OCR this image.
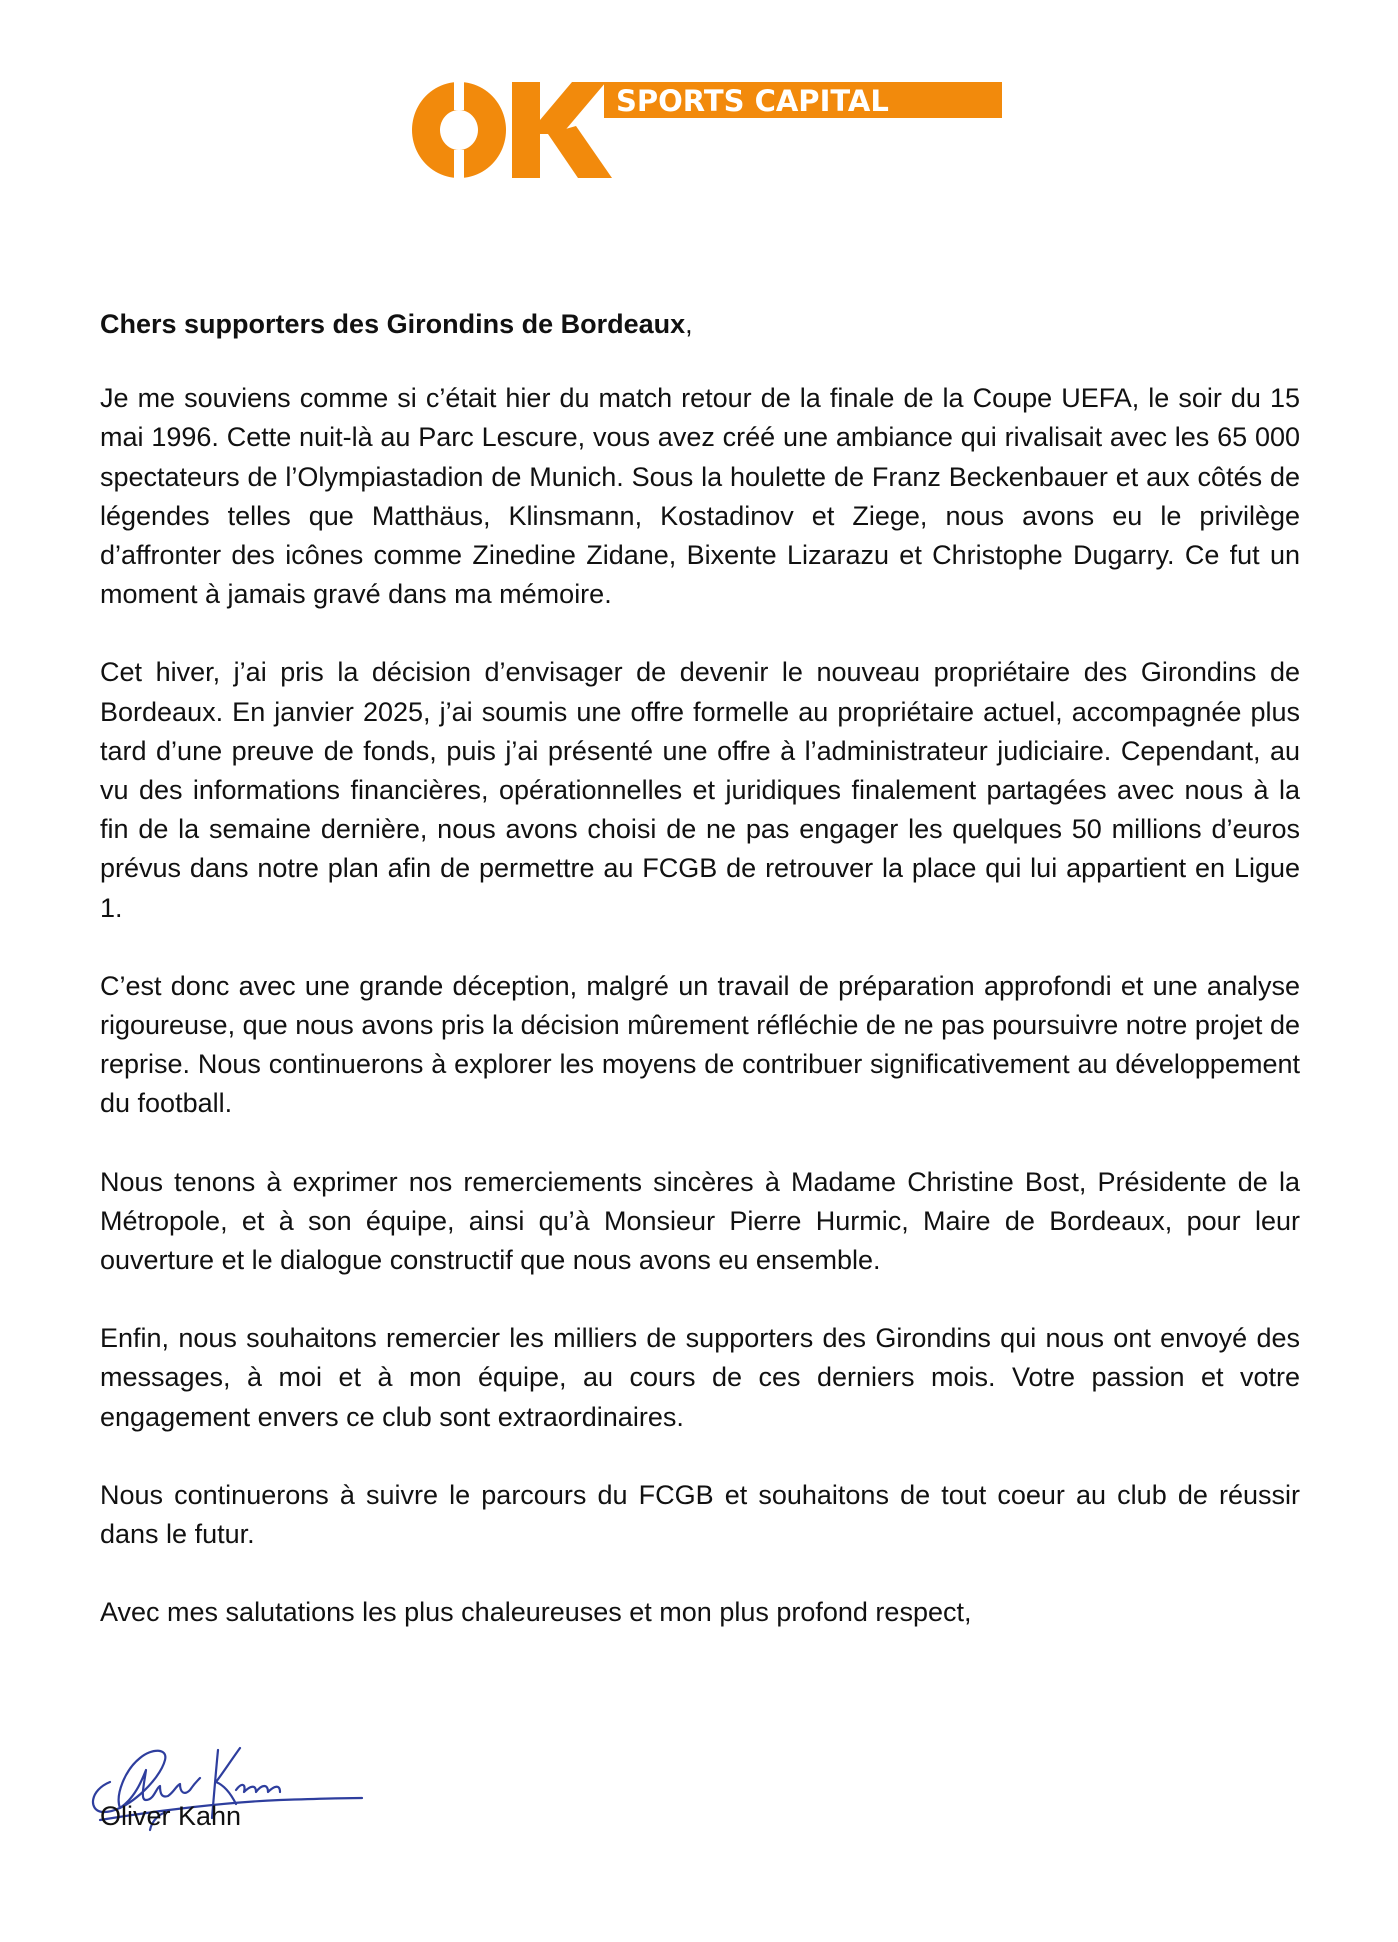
SPORTS CAPITAL

Chers supporters des Girondins de Bordeaux,

Je me souviens comme si c’était hier du match retour de la finale de la Coupe UEFA, le soir du 15 mai 1996. Cette nuit-là au Parc Lescure, vous avez créé une ambiance qui rivalisait avec les 65 000 spectateurs de l’Olympiastadion de Munich. Sous la houlette de Franz Beckenbauer et aux côtés de légendes telles que Matthäus, Klinsmann, Kostadinov et Ziege, nous avons eu le privilège d’affronter des icônes comme Zinedine Zidane, Bixente Lizarazu et Christophe Dugarry. Ce fut un moment à jamais gravé dans ma mémoire.

Cet hiver, j’ai pris la décision d’envisager de devenir le nouveau propriétaire des Girondins de Bordeaux. En janvier 2025, j’ai soumis une offre formelle au propriétaire actuel, accompagnée plus tard d’une preuve de fonds, puis j’ai présenté une offre à l’administrateur judiciaire. Cependant, au vu des informations financières, opérationnelles et juridiques finalement partagées avec nous à la fin de la semaine dernière, nous avons choisi de ne pas engager les quelques 50 millions d’euros prévus dans notre plan afin de permettre au FCGB de retrouver la place qui lui appartient en Ligue 1.

C’est donc avec une grande déception, malgré un travail de préparation approfondi et une analyse rigoureuse, que nous avons pris la décision mûrement réfléchie de ne pas poursuivre notre projet de reprise. Nous continuerons à explorer les moyens de contribuer significativement au développement du football.

Nous tenons à exprimer nos remerciements sincères à Madame Christine Bost, Présidente de la Métropole, et à son équipe, ainsi qu’à Monsieur Pierre Hurmic, Maire de Bordeaux, pour leur ouverture et le dialogue constructif que nous avons eu ensemble.

Enfin, nous souhaitons remercier les milliers de supporters des Girondins qui nous ont envoyé des messages, à moi et à mon équipe, au cours de ces derniers mois. Votre passion et votre engagement envers ce club sont extraordinaires.

Nous continuerons à suivre le parcours du FCGB et souhaitons de tout coeur au club de réussir dans le futur.

Avec mes salutations les plus chaleureuses et mon plus profond respect,

Oliver Kahn
